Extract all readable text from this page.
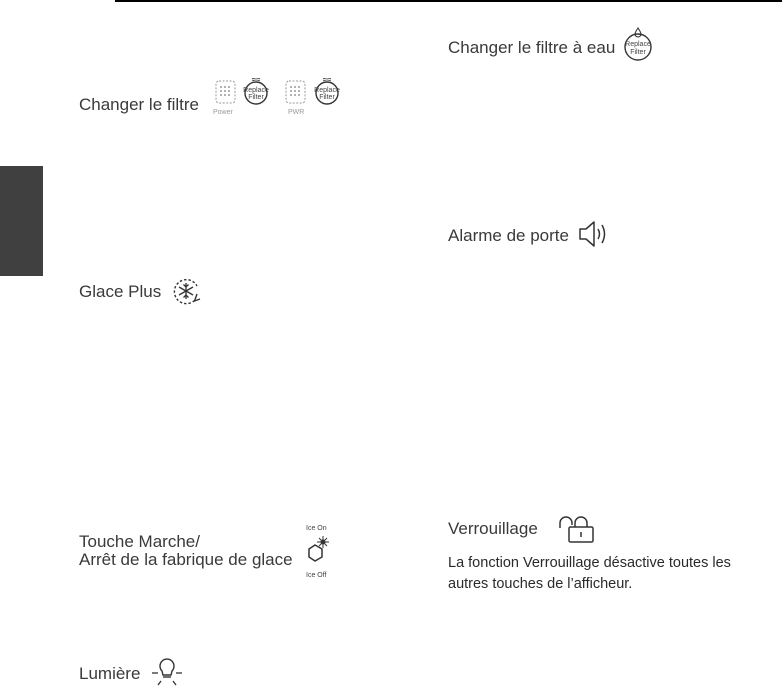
Changer le filtre Power
Replace
Filter
PWR
Replace
Filter
Changer le filtre à eau Replace
Filter
Alarme de porte
Glace Plus
Touche Marche/
Arrêt de la fabrique de glace
Ice On
Ice Off
Verrouillage
La fonction Verrouillage désactive toutes les
autres touches de l’afficheur.
Lumière
